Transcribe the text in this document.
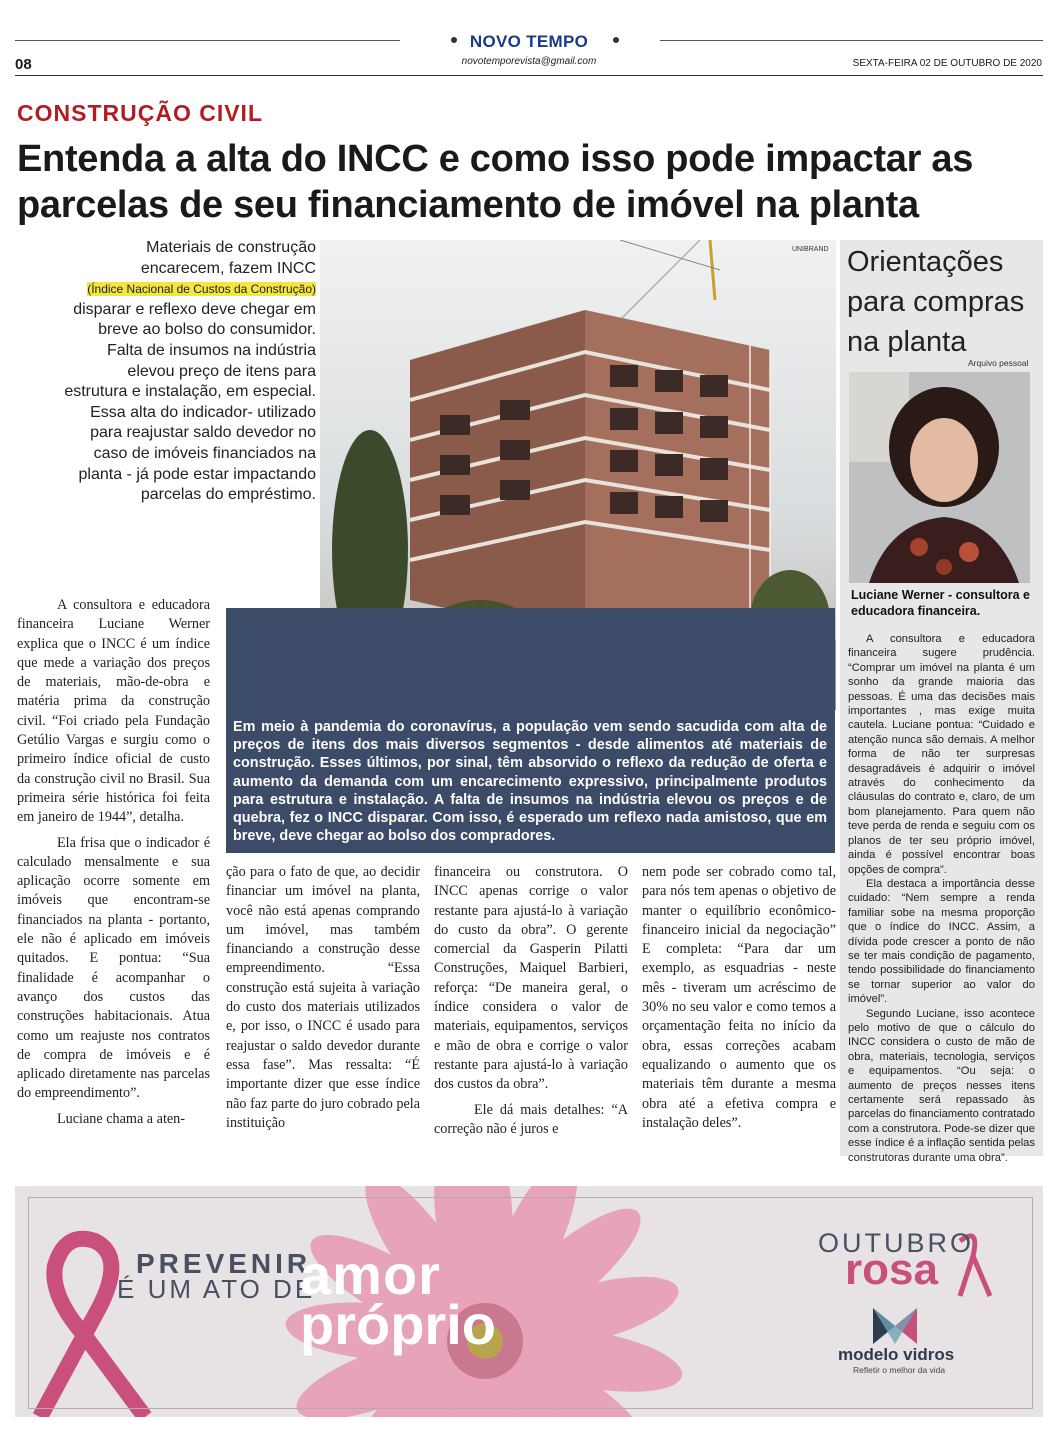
NOVO TEMPO
novotemporevista@gmail.com
08	SEXTA-FEIRA 02 DE OUTUBRO DE 2020
CONSTRUÇÃO CIVIL
Entenda a alta do INCC e como isso pode impactar as
parcelas de seu financiamento de imóvel na planta
Materiais de construção encarecem, fazem INCC
(Índice Nacional de Custos da Construção)
disparar e reflexo deve chegar em breve ao bolso do consumidor. Falta de insumos na indústria elevou preço de itens para estrutura e instalação, em especial. Essa alta do indicador- utilizado para reajustar saldo devedor no caso de imóveis financiados na planta - já pode estar impactando parcelas do empréstimo.
UNIBRAND
Em meio à pandemia do coronavírus, a população vem sendo sacudida com alta de preços de itens dos mais diversos segmentos - desde alimentos até materiais de construção. Esses últimos, por sinal, têm absorvido o reflexo da redução de oferta e aumento da demanda com um encarecimento expressivo, principalmente produtos para estrutura e instalação. A falta de insumos na indústria elevou os preços e de quebra, fez o INCC disparar. Com isso, é esperado um reflexo nada amistoso, que em breve, deve chegar ao bolso dos compradores.

A consultora e educadora financeira Luciane Werner explica que o INCC é um índice que mede a variação dos preços de materiais, mão-de-obra e matéria prima da construção civil. “Foi criado pela Fundação Getúlio Vargas e surgiu como o primeiro índice oficial de custo da construção civil no Brasil. Sua primeira série histórica foi feita em janeiro de 1944”, detalha.

Ela frisa que o indicador é calculado mensalmente e sua aplicação ocorre somente em imóveis que encontram-se financiados na planta - portanto, ele não é aplicado em imóveis quitados. E pontua: “Sua finalidade é acompanhar o avanço dos custos das construções habitacionais. Atua como um reajuste nos contratos de compra de imóveis e é aplicado diretamente nas parcelas do empreendimento”.

Luciane chama a aten-

ção para o fato de que, ao decidir financiar um imóvel na planta, você não está apenas comprando um imóvel, mas também financiando a construção desse empreendimento. “Essa construção está sujeita à variação do custo dos materiais utilizados e, por isso, o INCC é usado para reajustar o saldo devedor durante essa fase”. Mas ressalta: “É importante dizer que esse índice não faz parte do juro cobrado pela instituição

financeira ou construtora. O INCC apenas corrige o valor restante para ajustá-lo à variação do custo da obra”. O gerente comercial da Gasperin Pilatti Construções, Maiquel Barbieri, reforça: “De maneira geral, o índice considera o valor de materiais, equipamentos, serviços e mão de obra e corrige o valor restante para ajustá-lo à variação dos custos da obra”.

Ele dá mais detalhes: “A correção não é juros e

nem pode ser cobrado como tal, para nós tem apenas o objetivo de manter o equilíbrio econômico-financeiro inicial da negociação” E completa: “Para dar um exemplo, as esquadrias - neste mês - tiveram um acréscimo de 30% no seu valor e como temos a orçamentação feita no início da obra, essas correções acabam equalizando o aumento que os materiais têm durante a mesma obra até a efetiva compra e instalação deles”.

Orientações para compras na planta
Arquivo pessoal
Luciane Werner - consultora e educadora financeira.

A consultora e educadora financeira sugere prudência. “Comprar um imóvel na planta é um sonho da grande maioria das pessoas. É uma das decisões mais importantes , mas exige muita cautela. Luciane pontua: “Cuidado e atenção nunca são demais. A melhor forma de não ter surpresas desagradáveis é adquirir o imóvel através do conhecimento da cláusulas do contrato e, claro, de um bom planejamento. Para quem não teve perda de renda e seguiu com os planos de ter seu próprio imóvel, ainda é possível encontrar boas opções de compra”.

Ela destaca a importância desse cuidado: “Nem sempre a renda familiar sobe na mesma proporção que o índice do INCC. Assim, a dívida pode crescer a ponto de não se ter mais condição de pagamento, tendo possibilidade do financiamento se tornar superior ao valor do imóvel”.

Segundo Luciane, isso acontece pelo motivo de que o cálculo do INCC considera o custo de mão de obra, materiais, tecnologia, serviços e equipamentos. “Ou seja: o aumento de preços nesses itens certamente será repassado às parcelas do financiamento contratado com a construtora. Pode-se dizer que esse índice é a inflação sentida pelas construtoras durante uma obra”.

PREVENIR
É UM ATO DE
amor
próprio
OUTUBRO
rosa
modelo vidros
Refletir o melhor da vida
